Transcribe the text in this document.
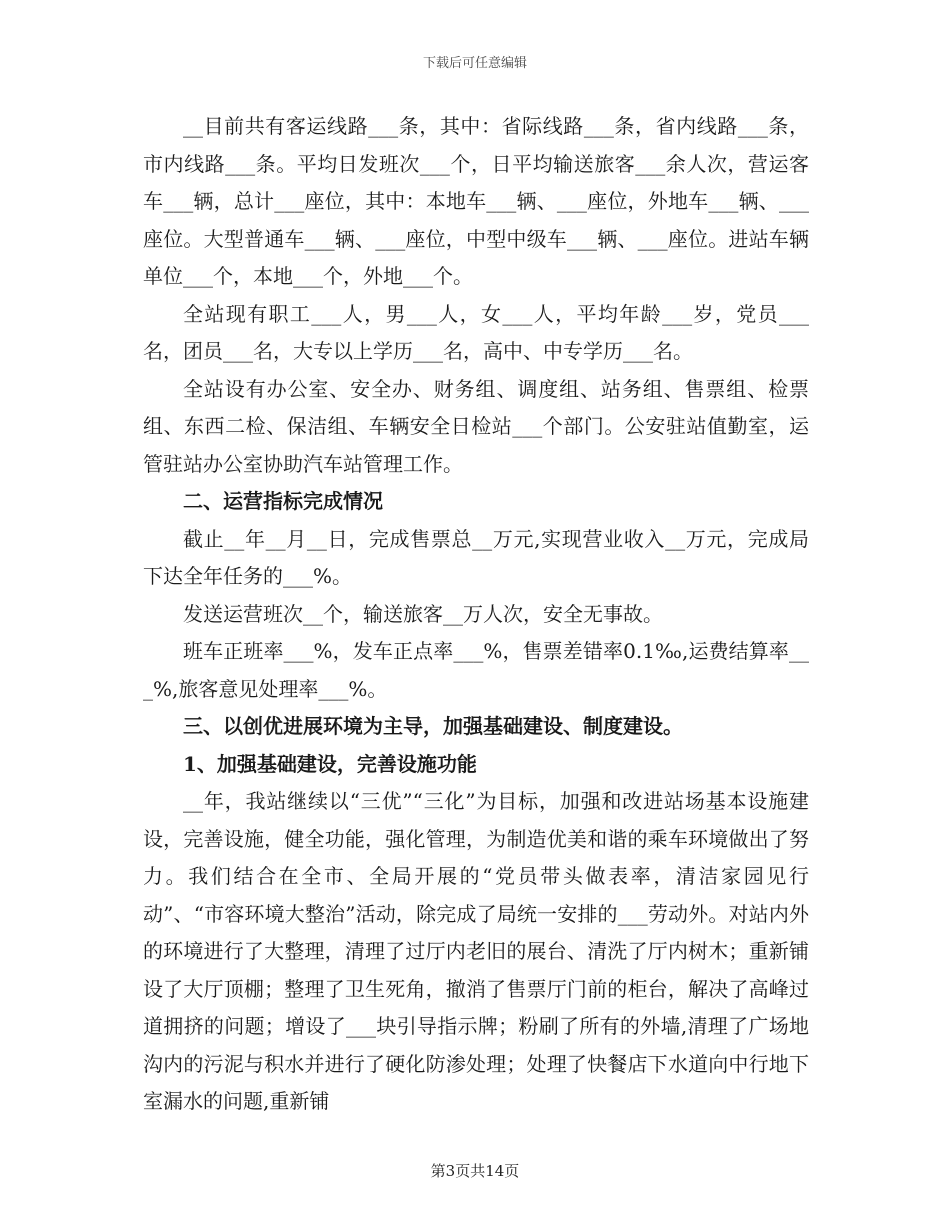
下载后可任意编辑

__目前共有客运线路___条，其中：省际线路___条，省内线路___条，市内线路___条。平均日发班次___个，日平均输送旅客___余人次，营运客车___辆，总计___座位，其中：本地车___辆、___座位，外地车___辆、___座位。大型普通车___辆、___座位，中型中级车___辆、___座位。进站车辆单位___个，本地___个，外地___个。

全站现有职工___人，男___人，女___人，平均年龄___岁，党员___名，团员___名，大专以上学历___名，高中、中专学历___名。

全站设有办公室、安全办、财务组、调度组、站务组、售票组、检票组、东西二检、保洁组、车辆安全日检站___个部门。公安驻站值勤室，运管驻站办公室协助汽车站管理工作。

二、运营指标完成情况

截止__年__月__日，完成售票总__万元,实现营业收入__万元，完成局下达全年任务的___%。

发送运营班次__个，输送旅客__万人次，安全无事故。

班车正班率___%，发车正点率___%，售票差错率0.1‰,运费结算率___%,旅客意见处理率___%。

三、以创优进展环境为主导，加强基础建设、制度建设。

1、加强基础建设，完善设施功能

__年，我站继续以“三优”“三化”为目标，加强和改进站场基本设施建设，完善设施，健全功能，强化管理，为制造优美和谐的乘车环境做出了努力。我们结合在全市、全局开展的“党员带头做表率，清洁家园见行动”、“市容环境大整治”活动，除完成了局统一安排的___劳动外。对站内外的环境进行了大整理，清理了过厅内老旧的展台、清洗了厅内树木；重新铺设了大厅顶棚；整理了卫生死角，撤消了售票厅门前的柜台，解决了高峰过道拥挤的问题；增设了___块引导指示牌；粉刷了所有的外墙,清理了广场地沟内的污泥与积水并进行了硬化防渗处理；处理了快餐店下水道向中行地下室漏水的问题,重新铺

第3页共14页
